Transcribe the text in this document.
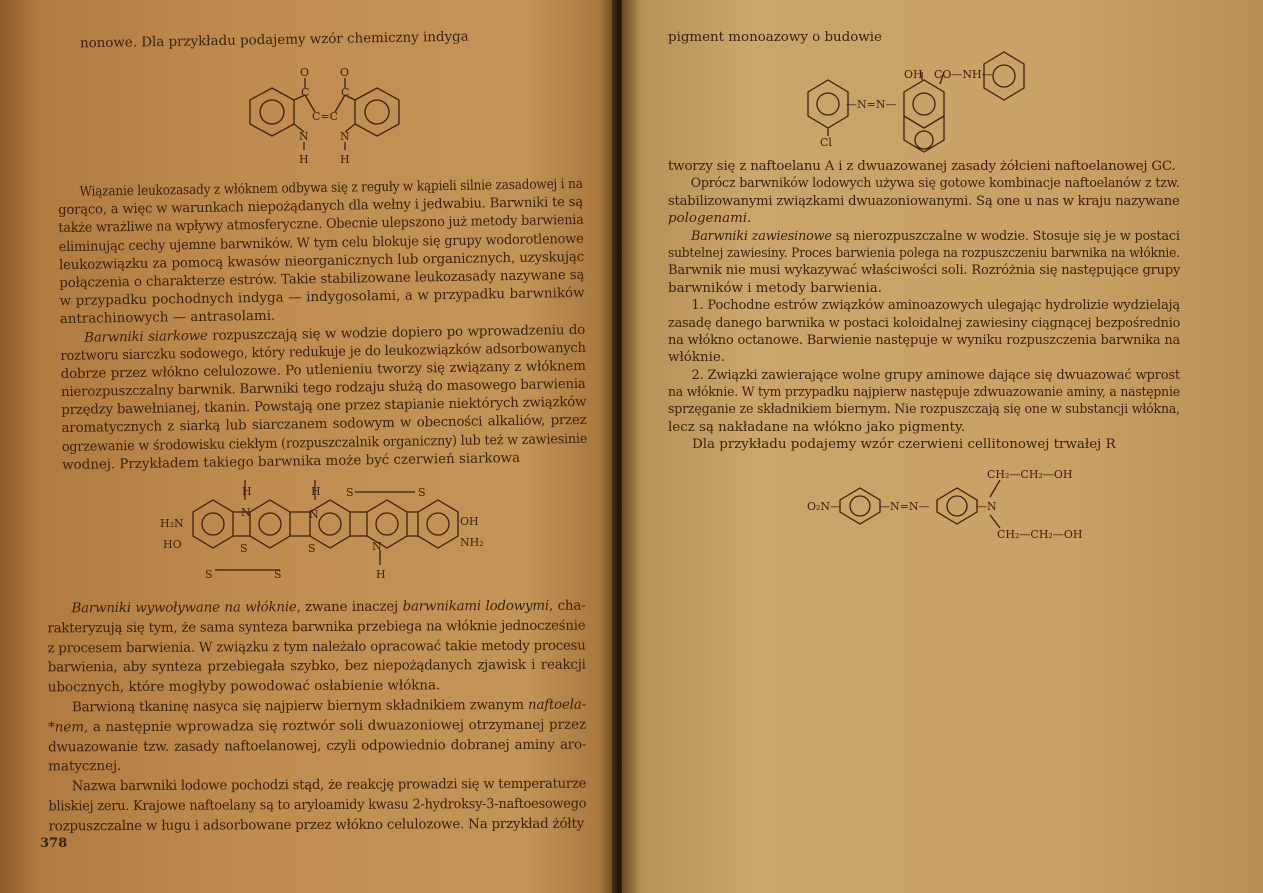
nonowe. Dla przykładu podajemy wzór chemiczny indyga
O	O
C	C
C=C
N	N
H	H
H	H S	S
H₂N
HO
N	N
S	S
OH
NH₂
S	S
N
H
Wiązanie leukozasady z włóknem odbywa się z reguły w kąpieli silnie zasadowej i na
gorąco, a więc w warunkach niepożądanych dla wełny i jedwabiu. Barwniki te są
także wrażliwe na wpływy atmosferyczne. Obecnie ulepszono już metody barwienia
eliminując cechy ujemne barwników. W tym celu blokuje się grupy wodorotlenowe
leukozwiązku za pomocą kwasów nieorganicznych lub organicznych, uzyskując
połączenia o charakterze estrów. Takie stabilizowane leukozasady nazywane są
w przypadku pochodnych indyga — indygosolami, a w przypadku barwników
antrachinowych — antrasolami.
Barwniki siarkowe rozpuszczają się w wodzie dopiero po wprowadzeniu do
roztworu siarczku sodowego, który redukuje je do leukozwiązków adsorbowanych
dobrze przez włókno celulozowe. Po utlenieniu tworzy się związany z włóknem
nierozpuszczalny barwnik. Barwniki tego rodzaju służą do masowego barwienia
przędzy bawełnianej, tkanin. Powstają one przez stapianie niektórych związków
aromatycznych z siarką lub siarczanem sodowym w obecności alkaliów, przez
ogrzewanie w środowisku ciekłym (rozpuszczalnik organiczny) lub też w zawiesinie
wodnej. Przykładem takiego barwnika może być czerwień siarkowa
Barwniki wywoływane na włóknie, zwane inaczej barwnikami lodowymi, cha-
rakteryzują się tym, że sama synteza barwnika przebiega na włóknie jednocześnie
z procesem barwienia. W związku z tym należało opracować takie metody procesu
barwienia, aby synteza przebiegała szybko, bez niepożądanych zjawisk i reakcji
ubocznych, które mogłyby powodować osłabienie włókna.
Barwioną tkaninę nasyca się najpierw biernym składnikiem zwanym naftoela-
*nem, a następnie wprowadza się roztwór soli dwuazoniowej otrzymanej przez
dwuazowanie tzw. zasady naftoelanowej, czyli odpowiednio dobranej aminy aro-
matycznej.
Nazwa barwniki lodowe pochodzi stąd, że reakcję prowadzi się w temperaturze
bliskiej zeru. Krajowe naftoelany są to aryloamidy kwasu 2-hydroksy-3-naftoesowego
rozpuszczalne w ługu i adsorbowane przez włókno celulozowe. Na przykład żółty
378
pigment monoazowy o budowie
OH CO—NH—
—N=N—
Cl
CH₂—CH₂—OH
O₂N—	—N=N—	—N
CH₂—CH₂—OH
tworzy się z naftoelanu A i z dwuazowanej zasady żółcieni naftoelanowej GC.
Oprócz barwników lodowych używa się gotowe kombinacje naftoelanów z tzw.
stabilizowanymi związkami dwuazoniowanymi. Są one u nas w kraju nazywane
pologenami.
Barwniki zawiesinowe są nierozpuszczalne w wodzie. Stosuje się je w postaci
subtelnej zawiesiny. Proces barwienia polega na rozpuszczeniu barwnika na włóknie.
Barwnik nie musi wykazywać właściwości soli. Rozróżnia się następujące grupy
barwników i metody barwienia.
1. Pochodne estrów związków aminoazowych ulegając hydrolizie wydzielają
zasadę danego barwnika w postaci koloidalnej zawiesiny ciągnącej bezpośrednio
na włókno octanowe. Barwienie następuje w wyniku rozpuszczenia barwnika na
włóknie.
2. Związki zawierające wolne grupy aminowe dające się dwuazować wprost
na włóknie. W tym przypadku najpierw następuje zdwuazowanie aminy, a następnie
sprzęganie ze składnikiem biernym. Nie rozpuszczają się one w substancji włókna,
lecz są nakładane na włókno jako pigmenty.
Dla przykładu podajemy wzór czerwieni cellitonowej trwałej R
